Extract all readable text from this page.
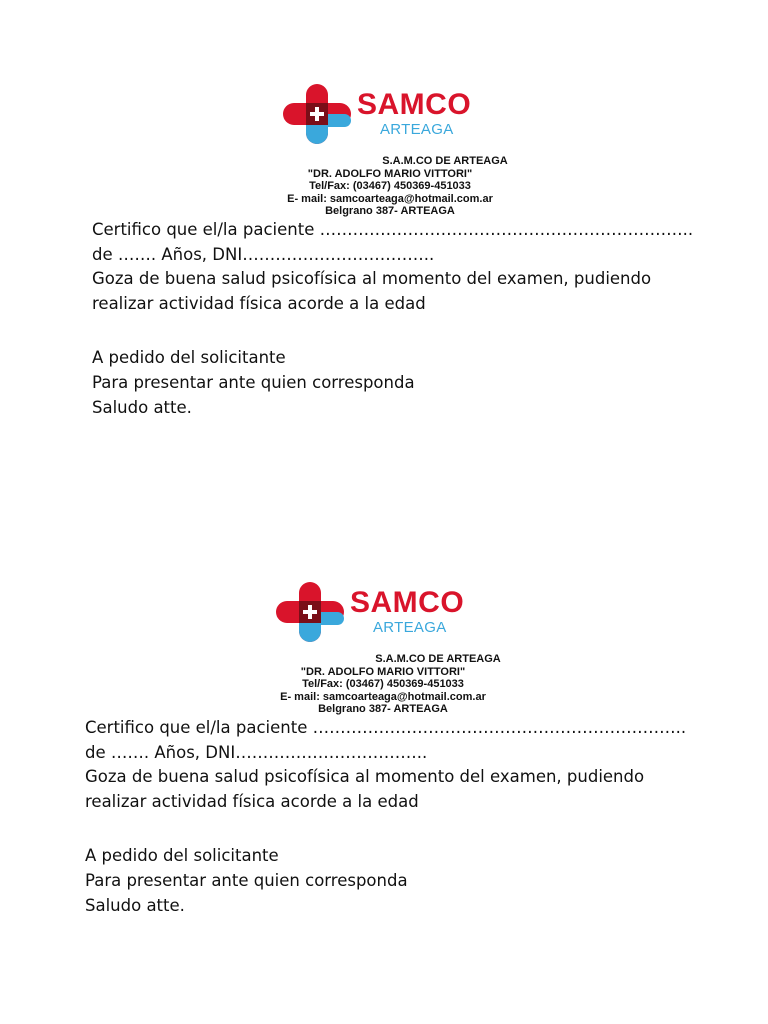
SAMCO
ARTEAGA
S.A.M.CO DE ARTEAGA
"DR. ADOLFO MARIO VITTORI"
Tel/Fax: (03467) 450369-451033
E- mail: samcoarteaga@hotmail.com.ar
Belgrano 387- ARTEAGA

Certifico que el/la paciente …………………………………………………………..

de ……. Años, DNI……………………………..

Goza de buena salud psicofísica al momento del examen, pudiendo

realizar actividad física acorde a la edad

A pedido del solicitante

Para presentar ante quien corresponda

Saludo atte.

SAMCO
ARTEAGA
S.A.M.CO DE ARTEAGA
"DR. ADOLFO MARIO VITTORI"
Tel/Fax: (03467) 450369-451033
E- mail: samcoarteaga@hotmail.com.ar
Belgrano 387- ARTEAGA

Certifico que el/la paciente …………………………………………………………..

de ……. Años, DNI……………………………..

Goza de buena salud psicofísica al momento del examen, pudiendo

realizar actividad física acorde a la edad

A pedido del solicitante

Para presentar ante quien corresponda

Saludo atte.
